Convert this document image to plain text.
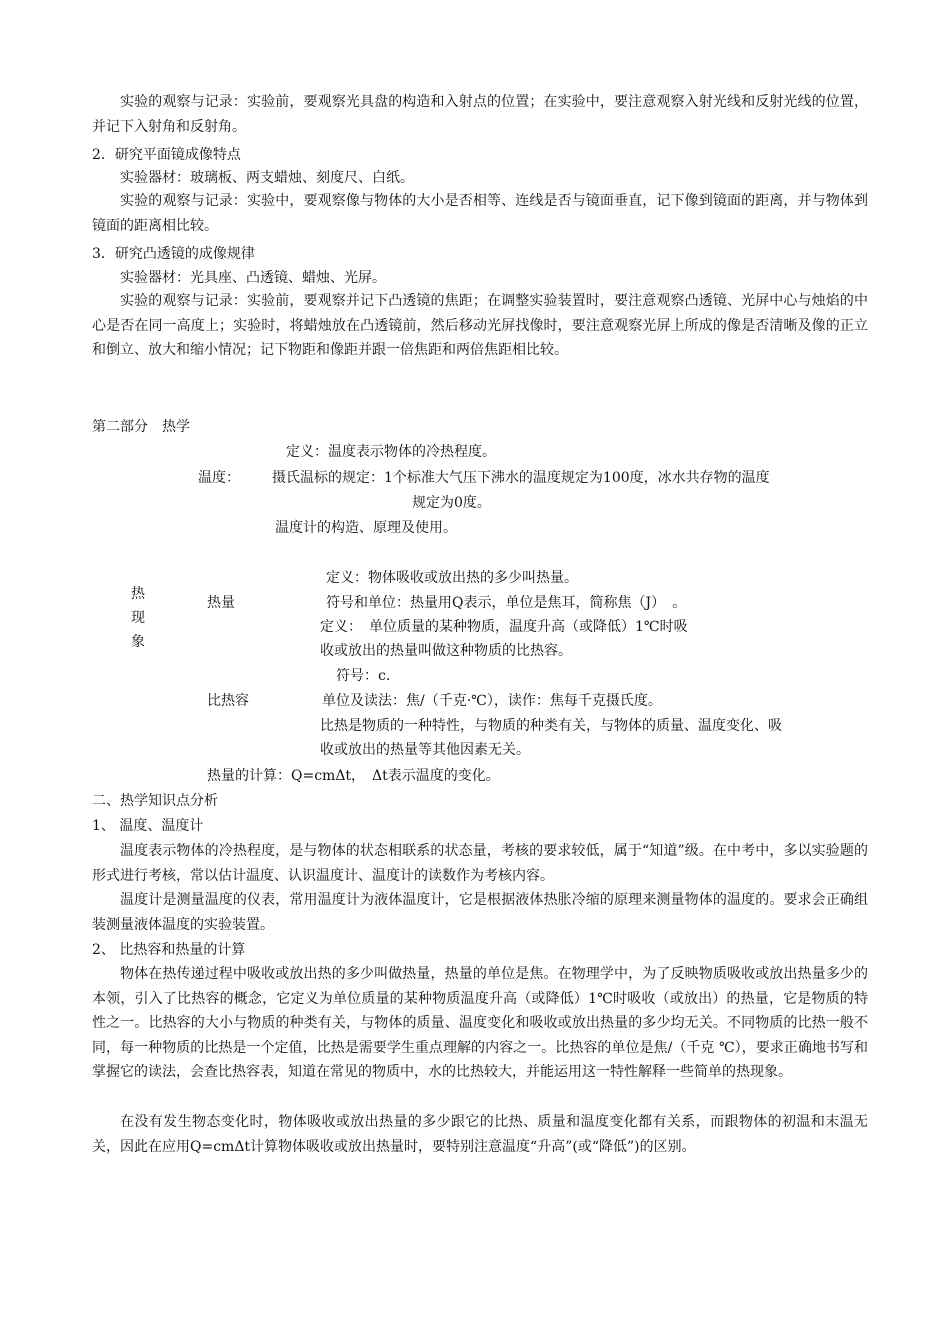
实验的观察与记录：实验前，要观察光具盘的构造和入射点的位置；在实验中，要注意观察入射光线和反射光线的位置，并记下入射角和反射角。
2．研究平面镜成像特点
实验器材：玻璃板、两支蜡烛、刻度尺、白纸。
实验的观察与记录：实验中，要观察像与物体的大小是否相等、连线是否与镜面垂直，记下像到镜面的距离，并与物体到镜面的距离相比较。
3．研究凸透镜的成像规律
实验器材：光具座、凸透镜、蜡烛、光屏。
实验的观察与记录：实验前，要观察并记下凸透镜的焦距；在调整实验装置时，要注意观察凸透镜、光屏中心与烛焰的中心是否在同一高度上；实验时，将蜡烛放在凸透镜前，然后移动光屏找像时，要注意观察光屏上所成的像是否清晰及像的正立和倒立、放大和缩小情况；记下物距和像距并跟一倍焦距和两倍焦距相比较。
第二部分　热学
定义：温度表示物体的冷热程度。
温度： 摄氏温标的规定：1个标准大气压下沸水的温度规定为100度，冰水共存物的温度
规定为0度。
温度计的构造、原理及使用。
热
现
象
定义：物体吸收或放出热的多少叫热量。
热量	符号和单位：热量用Q表示，单位是焦耳，简称焦（J）　。
定义：　单位质量的某种物质，温度升高（或降低）1℃时吸
收或放出的热量叫做这种物质的比热容。
符号：c.
比热容	单位及读法：焦/（千克·℃），读作：焦每千克摄氏度。
比热是物质的一种特性，与物质的种类有关，与物体的质量、温度变化、吸
收或放出的热量等其他因素无关。
热量的计算：Q=cmΔt，　Δt表示温度的变化。
二、热学知识点分析
1、 温度、温度计
温度表示物体的冷热程度，是与物体的状态相联系的状态量，考核的要求较低，属于“知道”级。在中考中，多以实验题的形式进行考核，常以估计温度、认识温度计、温度计的读数作为考核内容。
温度计是测量温度的仪表，常用温度计为液体温度计，它是根据液体热胀冷缩的原理来测量物体的温度的。要求会正确组装测量液体温度的实验装置。
2、 比热容和热量的计算
物体在热传递过程中吸收或放出热的多少叫做热量，热量的单位是焦。在物理学中，为了反映物质吸收或放出热量多少的本领，引入了比热容的概念，它定义为单位质量的某种物质温度升高（或降低）1℃时吸收（或放出）的热量，它是物质的特性之一。比热容的大小与物质的种类有关，与物体的质量、温度变化和吸收或放出热量的多少均无关。不同物质的比热一般不同，每一种物质的比热是一个定值，比热是需要学生重点理解的内容之一。比热容的单位是焦/（千克 ℃），要求正确地书写和掌握它的读法，会查比热容表，知道在常见的物质中，水的比热较大，并能运用这一特性解释一些简单的热现象。
在没有发生物态变化时，物体吸收或放出热量的多少跟它的比热、质量和温度变化都有关系，而跟物体的初温和末温无关，因此在应用Q=cmΔt计算物体吸收或放出热量时，要特别注意温度“升高”(或“降低”)的区别。
